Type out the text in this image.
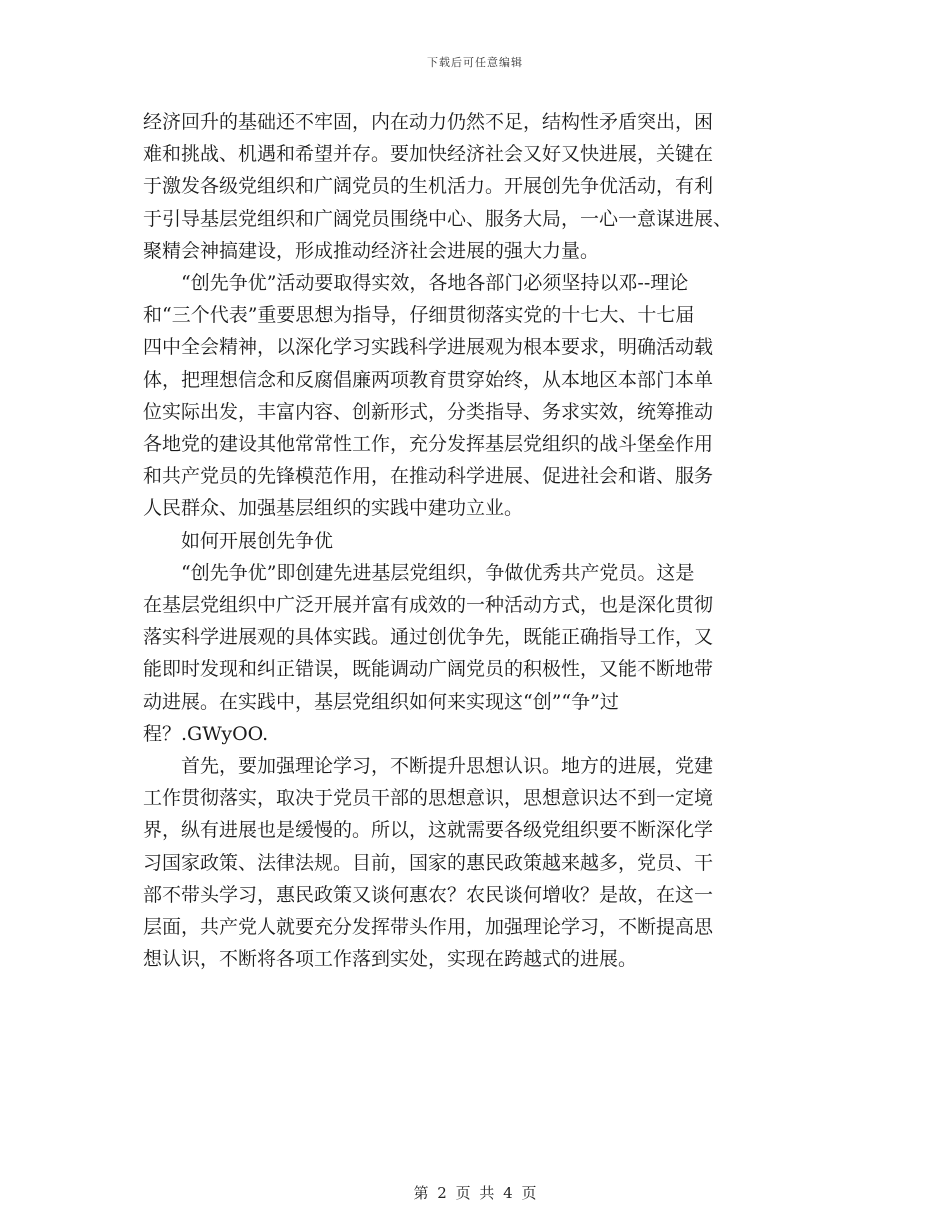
下载后可任意编辑

经济回升的基础还不牢固，内在动力仍然不足，结构性矛盾突出，困
难和挑战、机遇和希望并存。要加快经济社会又好又快进展，关键在
于激发各级党组织和广阔党员的生机活力。开展创先争优活动，有利
于引导基层党组织和广阔党员围绕中心、服务大局，一心一意谋进展、
聚精会神搞建设，形成推动经济社会进展的强大力量。

“创先争优”活动要取得实效，各地各部门必须坚持以邓--理论
和“三个代表”重要思想为指导，仔细贯彻落实党的十七大、十七届
四中全会精神，以深化学习实践科学进展观为根本要求，明确活动载
体，把理想信念和反腐倡廉两项教育贯穿始终，从本地区本部门本单
位实际出发，丰富内容、创新形式，分类指导、务求实效，统筹推动
各地党的建设其他常常性工作，充分发挥基层党组织的战斗堡垒作用
和共产党员的先锋模范作用，在推动科学进展、促进社会和谐、服务
人民群众、加强基层组织的实践中建功立业。

如何开展创先争优

“创先争优”即创建先进基层党组织，争做优秀共产党员。这是
在基层党组织中广泛开展并富有成效的一种活动方式，也是深化贯彻
落实科学进展观的具体实践。通过创优争先，既能正确指导工作，又
能即时发现和纠正错误，既能调动广阔党员的积极性，又能不断地带
动进展。在实践中，基层党组织如何来实现这“创”“争”过
程？.GWyOO.

首先，要加强理论学习，不断提升思想认识。地方的进展，党建
工作贯彻落实，取决于党员干部的思想意识，思想意识达不到一定境
界，纵有进展也是缓慢的。所以，这就需要各级党组织要不断深化学
习国家政策、法律法规。目前，国家的惠民政策越来越多，党员、干
部不带头学习，惠民政策又谈何惠农？农民谈何增收？是故，在这一
层面，共产党人就要充分发挥带头作用，加强理论学习，不断提高思
想认识，不断将各项工作落到实处，实现在跨越式的进展。

第 2 页 共 4 页
